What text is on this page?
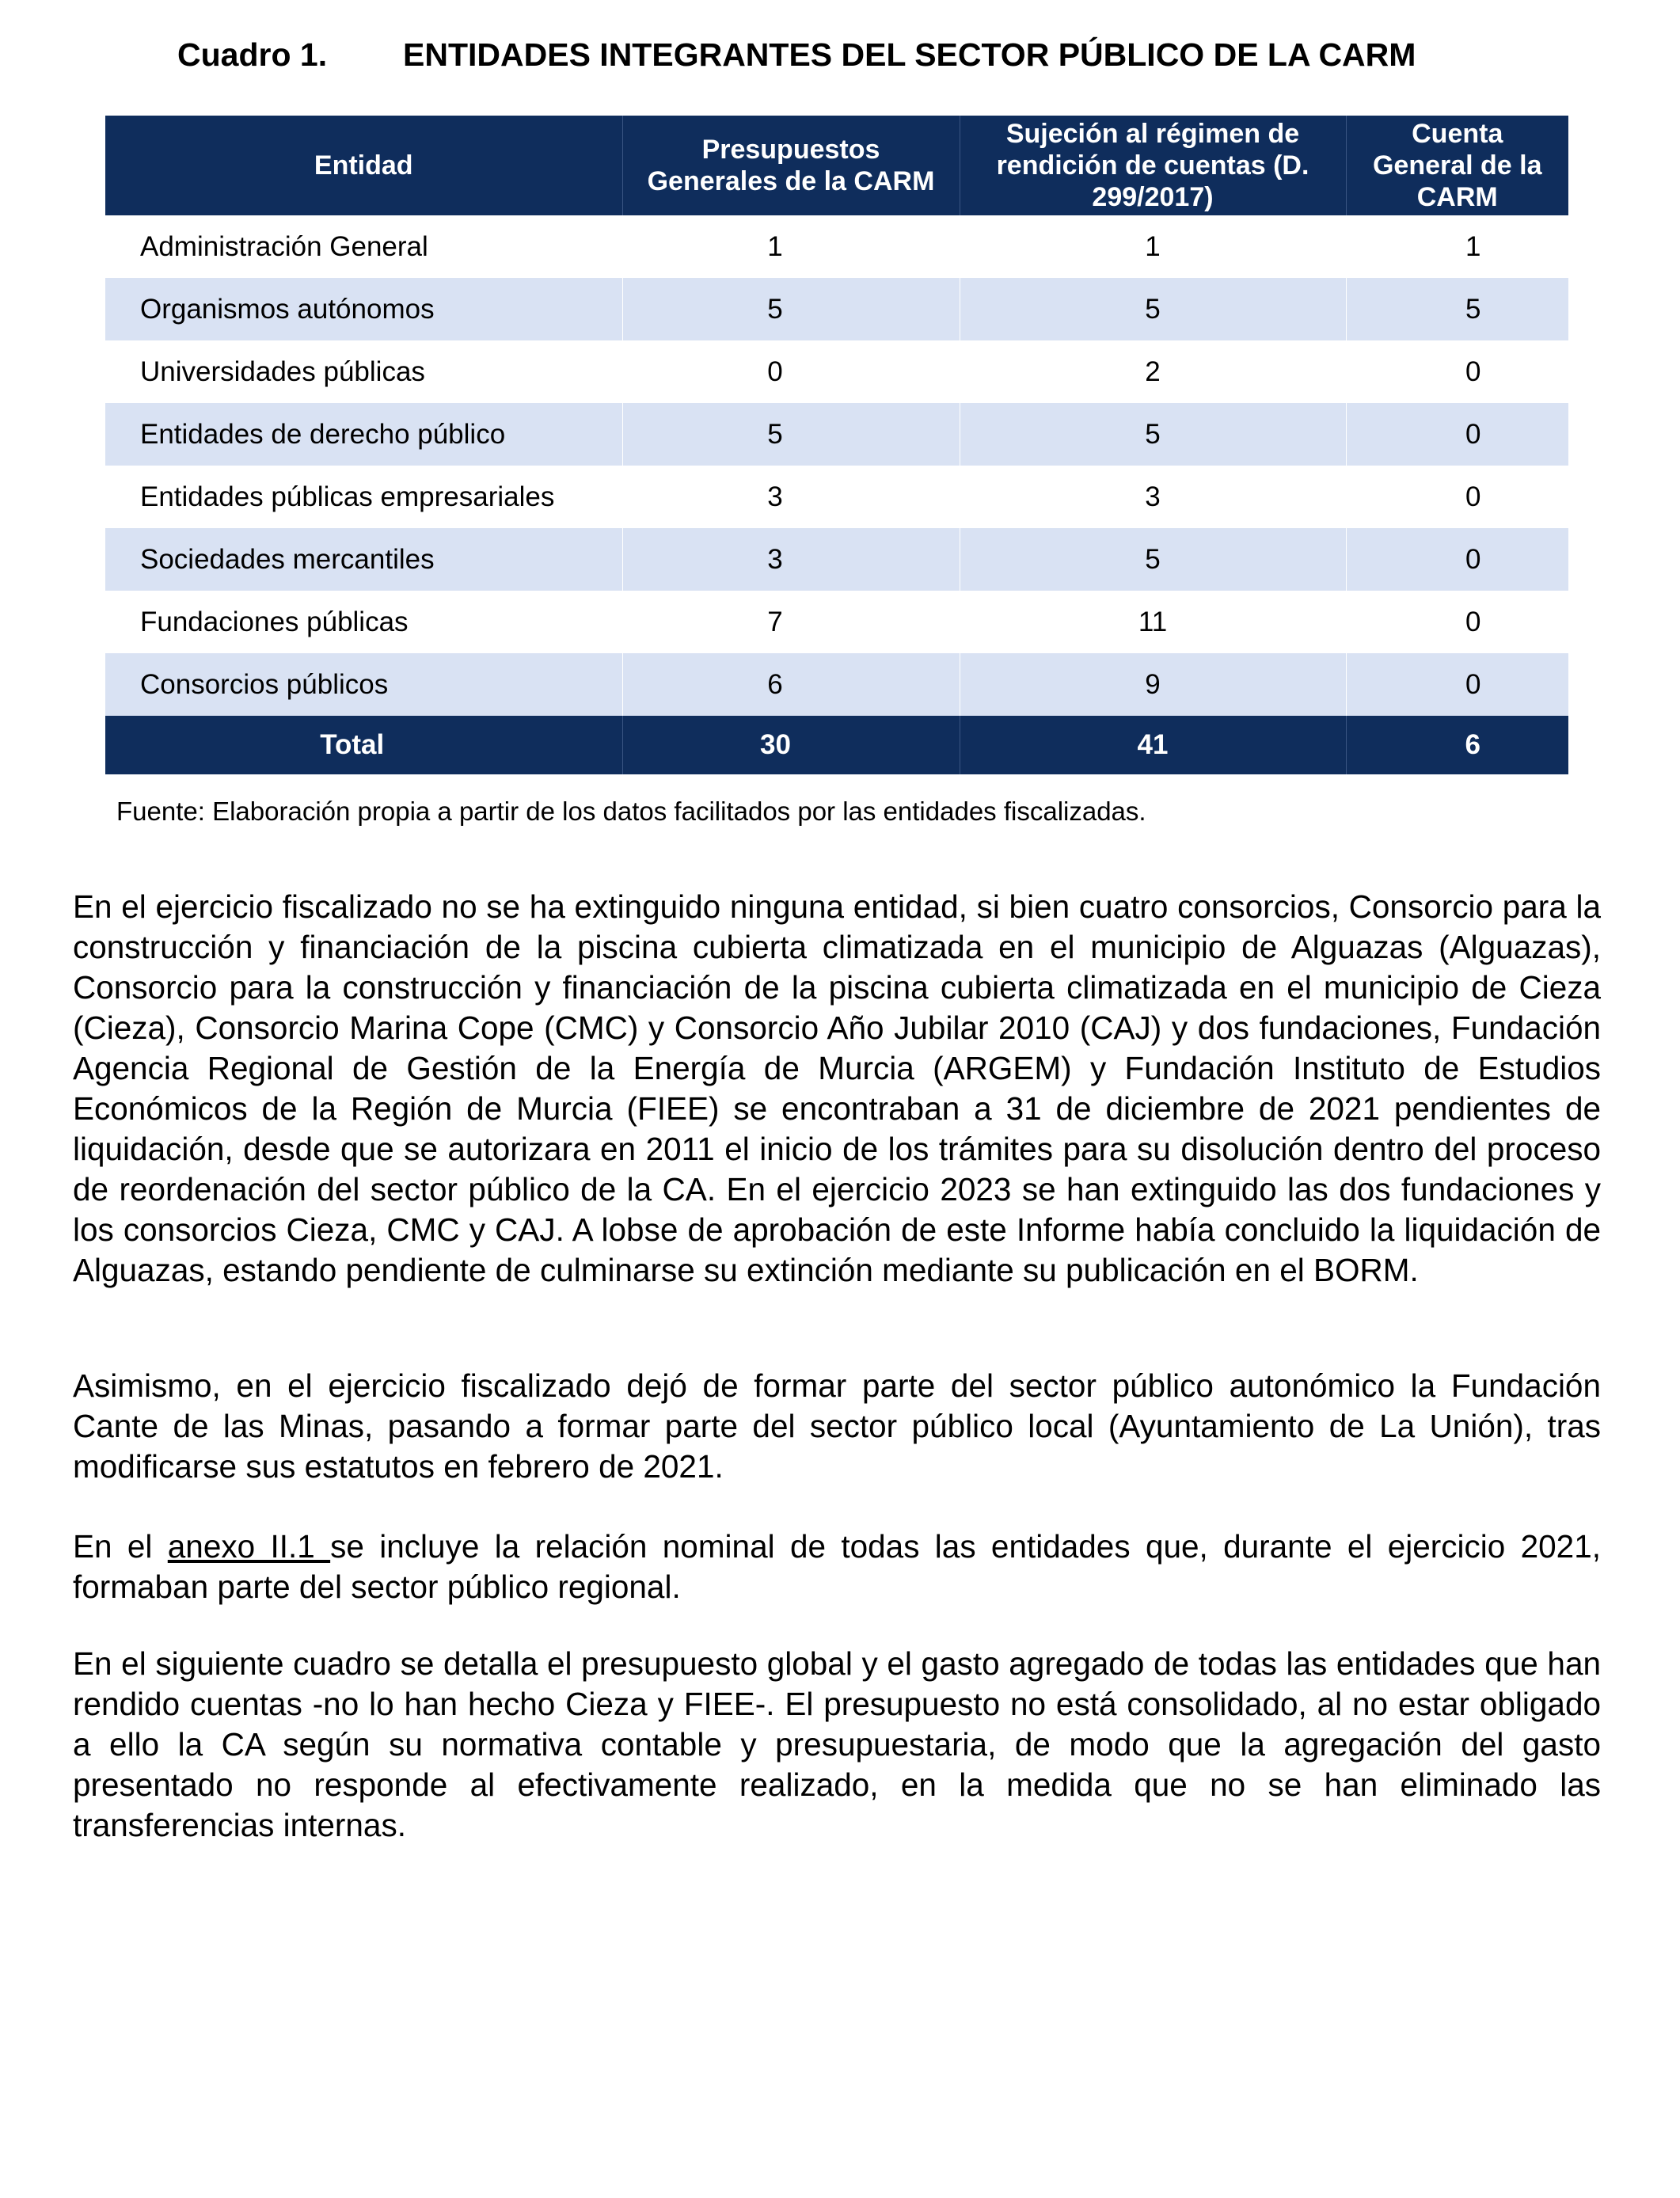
Cuadro 1. ENTIDADES INTEGRANTES DEL SECTOR PÚBLICO DE LA CARM
Entidad	Presupuestos Generales de la CARM	Sujeción al régimen de rendición de cuentas (D. 299/2017)	Cuenta General de la CARM
Administración General	1	1	1
Organismos autónomos	5	5	5
Universidades públicas	0	2	0
Entidades de derecho público	5	5	0
Entidades públicas empresariales	3	3	0
Sociedades mercantiles	3	5	0
Fundaciones públicas	7	11	0
Consorcios públicos	6	9	0
Total	30	41	6
Fuente: Elaboración propia a partir de los datos facilitados por las entidades fiscalizadas.

En el ejercicio fiscalizado no se ha extinguido ninguna entidad, si bien cuatro consorcios, Consorcio para la construcción y financiación de la piscina cubierta climatizada en el municipio de Alguazas (Alguazas), Consorcio para la construcción y financiación de la piscina cubierta climatizada en el municipio de Cieza (Cieza), Consorcio Marina Cope (CMC) y Consorcio Año Jubilar 2010 (CAJ) y dos fundaciones, Fundación Agencia Regional de Gestión de la Energía de Murcia (ARGEM) y Fundación Instituto de Estudios Económicos de la Región de Murcia (FIEE) se encontraban a 31 de diciembre de 2021 pendientes de liquidación, desde que se autorizara en 2011 el inicio de los trámites para su disolución dentro del proceso de reordenación del sector público de la CA. En el ejercicio 2023 se han extinguido las dos fundaciones y los consorcios Cieza, CMC y CAJ. A lobse de aprobación de este Informe había concluido la liquidación de Alguazas, estando pendiente de culminarse su extinción mediante su publicación en el BORM.

Asimismo, en el ejercicio fiscalizado dejó de formar parte del sector público autonómico la Fundación Cante de las Minas, pasando a formar parte del sector público local (Ayuntamiento de La Unión), tras modificarse sus estatutos en febrero de 2021.

En el anexo II.1 se incluye la relación nominal de todas las entidades que, durante el ejercicio 2021, formaban parte del sector público regional.

En el siguiente cuadro se detalla el presupuesto global y el gasto agregado de todas las entidades que han rendido cuentas -no lo han hecho Cieza y FIEE-. El presupuesto no está consolidado, al no estar obligado a ello la CA según su normativa contable y presupuestaria, de modo que la agregación del gasto presentado no responde al efectivamente realizado, en la medida que no se han eliminado las transferencias internas.
